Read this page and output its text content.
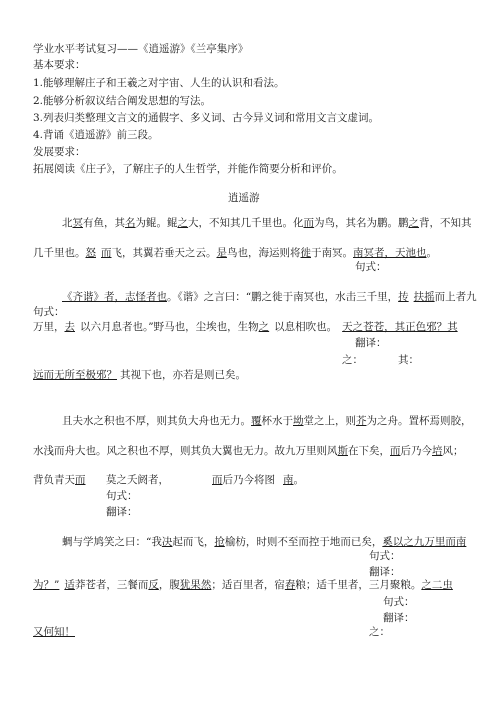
学业水平考试复习——《逍遥游》《兰亭集序》
基本要求：
1.能够理解庄子和王羲之对宇宙、人生的认识和看法。
2.能够分析叙议结合阐发思想的写法。
3.列表归类整理文言文的通假字、多义词、古今异义词和常用文言文虚词。
4.背诵《逍遥游》前三段。
发展要求：
拓展阅读《庄子》，了解庄子的人生哲学，并能作简要分析和评价。
逍遥游
北冥有鱼，其名为鲲。鲲之大，不知其几千里也。化而为鸟，其名为鹏。鹏之背，不知其
几千里也。怒 而飞，其翼若垂天之云。是鸟也，海运则将徙于南冥。南冥者，天池也。
句式：
《齐谐》者，志怪者也。《谐》之言曰：“鹏之徙于南冥也，水击三千里，抟 扶摇而上者九
句式：
万里，去 以六月息者也。”野马也，尘埃也，生物之 以息相吹也。 天之苍苍，其正色邪？其
翻译：
之：	其：
远而无所至极邪？ 其视下也，亦若是则已矣。
且夫水之积也不厚，则其负大舟也无力。覆杯水于坳堂之上，则芥为之舟。置杯焉则胶，
水浅而舟大也。风之积也不厚，则其负大翼也无力。故九万里则风斯在下矣，而后乃今培风；
背负青天而 莫之夭阏者，	而后乃今将图 南。
句式：
翻译：
蜩与学鸠笑之曰：“我决起而飞，抢榆枋，时则不至而控于地而已矣，奚以之九万里而南
句式：
翻译：
为？” 适莽苍者，三餐而反，腹犹果然；适百里者，宿舂粮；适千里者，三月聚粮。之二虫
句式：
翻译：
又何知！	之：
